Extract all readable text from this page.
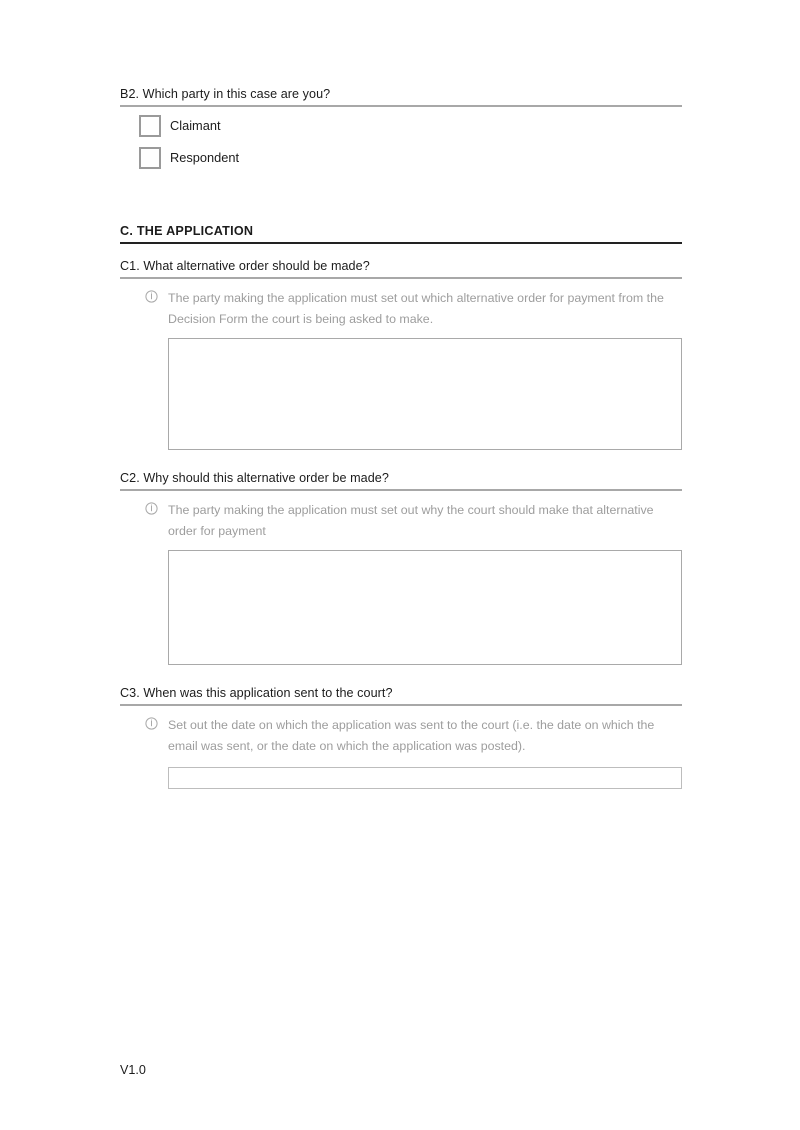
B2. Which party in this case are you?
Claimant
Respondent
C. THE APPLICATION
C1. What alternative order should be made?
The party making the application must set out which alternative order for payment from the Decision Form the court is being asked to make.
C2. Why should this alternative order be made?
The party making the application must set out why the court should make that alternative order for payment
C3. When was this application sent to the court?
Set out the date on which the application was sent to the court (i.e. the date on which the email was sent, or the date on which the application was posted).
V1.0
